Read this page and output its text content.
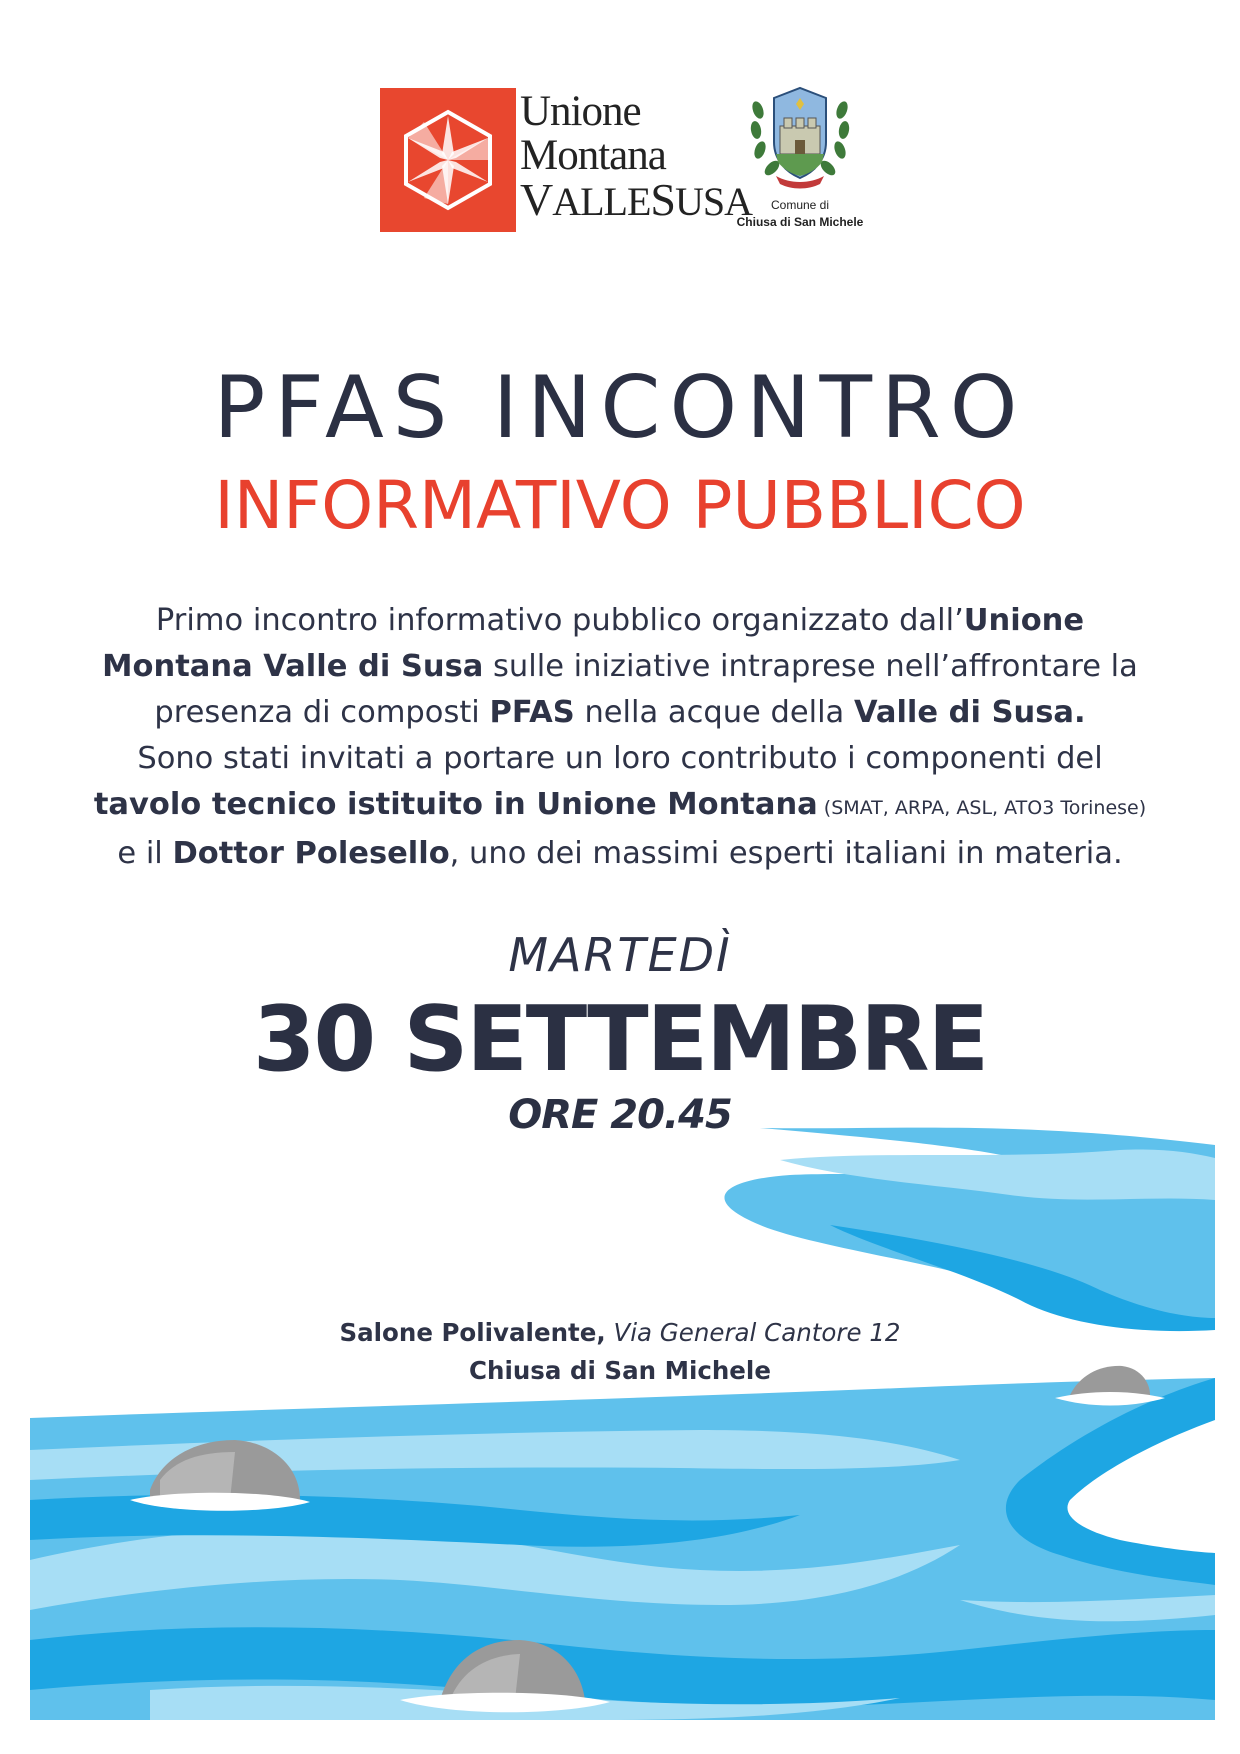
Unione
Montana
VALLESUSA	Comune di
Chiusa di San Michele
PFAS INCONTRO
INFORMATIVO PUBBLICO
Primo incontro informativo pubblico organizzato dall’Unione
Montana Valle di Susa sulle iniziative intraprese nell’affrontare la
presenza di composti PFAS nella acque della Valle di Susa.
Sono stati invitati a portare un loro contributo i componenti del
tavolo tecnico istituito in Unione Montana (SMAT, ARPA, ASL, ATO3 Torinese)
e il Dottor Polesello, uno dei massimi esperti italiani in materia.
MARTEDÌ
30 SETTEMBRE
ORE 20.45
Salone Polivalente, Via General Cantore 12
Chiusa di San Michele
